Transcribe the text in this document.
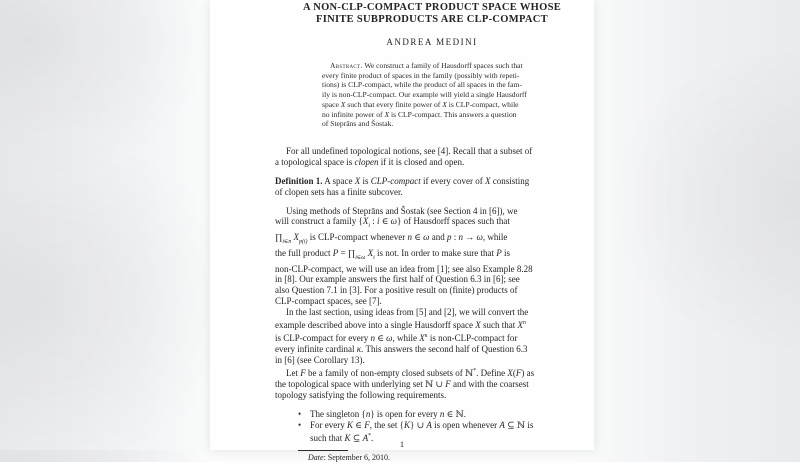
A NON-CLP-COMPACT PRODUCT SPACE WHOSE
FINITE SUBPRODUCTS ARE CLP-COMPACT
ANDREA MEDINI
Abstract. We construct a family of Hausdorff spaces such that
every finite product of spaces in the family (possibly with repeti-
tions) is CLP-compact, while the product of all spaces in the fam-
ily is non-CLP-compact. Our example will yield a single Hausdorff
space X such that every finite power of X is CLP-compact, while
no infinite power of X is CLP-compact. This answers a question
of Steprāns and Šostak.
For all undefined topological notions, see [4]. Recall that a subset of
a topological space is clopen if it is closed and open.
Definition 1. A space X is CLP-compact if every cover of X consisting
of clopen sets has a finite subcover.
Using methods of Steprāns and Šostak (see Section 4 in [6]), we
will construct a family {$X_i$ : i ∈ ω} of Hausdorff spaces such that
$\prod_{i\in n}$ $X_{p(i)}$ is CLP-compact whenever n ∈ ω and p : n → ω, while
the full product $P = \prod_{i\in\omega}$ $X_i$ is not. In order to make sure that P is
non-CLP-compact, we will use an idea from [1]; see also Example 8.28
in [8]. Our example answers the first half of Question 6.3 in [6]; see
also Question 7.1 in [3]. For a positive result on (finite) products of
CLP-compact spaces, see [7].
In the last section, using ideas from [5] and [2], we will convert the
example described above into a single Hausdorff space X such that $X^n$
is CLP-compact for every n ∈ ω, while $X^\kappa$ is non-CLP-compact for
every infinite cardinal κ. This answers the second half of Question 6.3
in [6] (see Corollary 13).
Let F be a family of non-empty closed subsets of ℕ*. Define X(F) as
the topological space with underlying set ℕ ∪ F and with the coarsest
topology satisfying the following requirements.
• The singleton {n} is open for every n ∈ ℕ.
• For every K ∈ F, the set {K} ∪ A is open whenever A ⊆ ℕ is
such that K ⊆ A*.
Date: September 6, 2010.
1
